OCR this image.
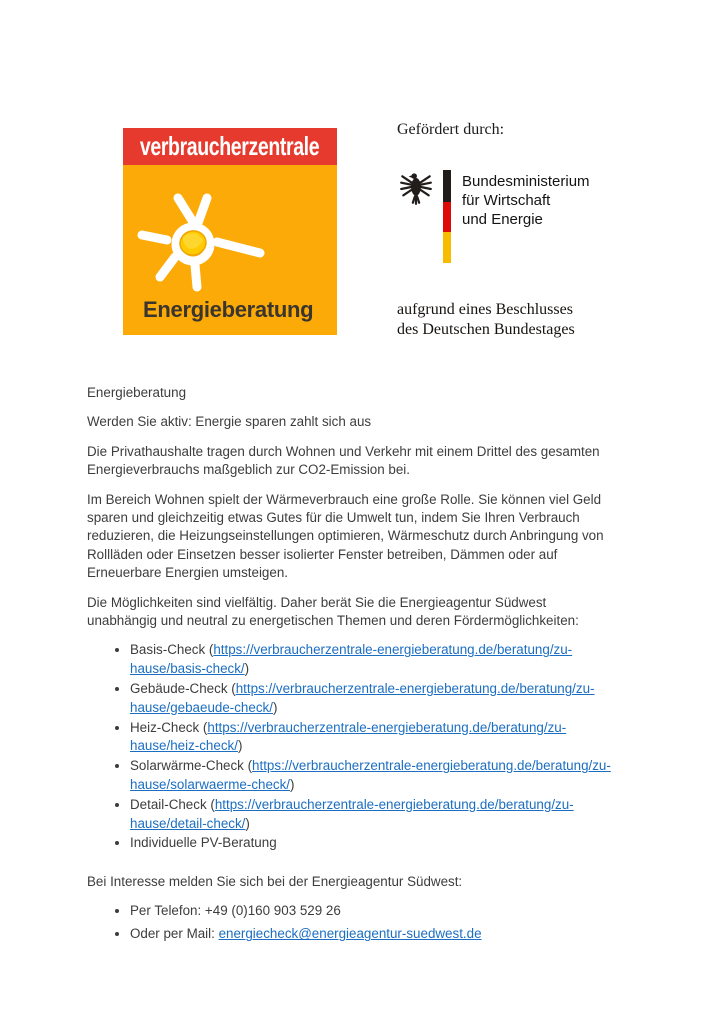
verbraucherzentrale
Energieberatung
Gefördert durch:
Bundesministerium
für Wirtschaft
und Energie
aufgrund eines Beschlusses
des Deutschen Bundestages

Energieberatung

Werden Sie aktiv: Energie sparen zahlt sich aus

Die Privathaushalte tragen durch Wohnen und Verkehr mit einem Drittel des gesamten Energieverbrauchs maßgeblich zur CO2-Emission bei.

Im Bereich Wohnen spielt der Wärmeverbrauch eine große Rolle. Sie können viel Geld sparen und gleichzeitig etwas Gutes für die Umwelt tun, indem Sie Ihren Verbrauch reduzieren, die Heizungseinstellungen optimieren, Wärmeschutz durch Anbringung von Rollläden oder Einsetzen besser isolierter Fenster betreiben, Dämmen oder auf Erneuerbare Energien umsteigen.

Die Möglichkeiten sind vielfältig. Daher berät Sie die Energieagentur Südwest unabhängig und neutral zu energetischen Themen und deren Fördermöglichkeiten:

• Basis-Check (https://verbraucherzentrale-energieberatung.de/beratung/zu-hause/basis-check/)
• Gebäude-Check (https://verbraucherzentrale-energieberatung.de/beratung/zu-hause/gebaeude-check/)
• Heiz-Check (https://verbraucherzentrale-energieberatung.de/beratung/zu-hause/heiz-check/)
• Solarwärme-Check (https://verbraucherzentrale-energieberatung.de/beratung/zu-hause/solarwaerme-check/)
• Detail-Check (https://verbraucherzentrale-energieberatung.de/beratung/zu-hause/detail-check/)
• Individuelle PV-Beratung

Bei Interesse melden Sie sich bei der Energieagentur Südwest:

• Per Telefon: +49 (0)160 903 529 26
• Oder per Mail: energiecheck@energieagentur-suedwest.de
